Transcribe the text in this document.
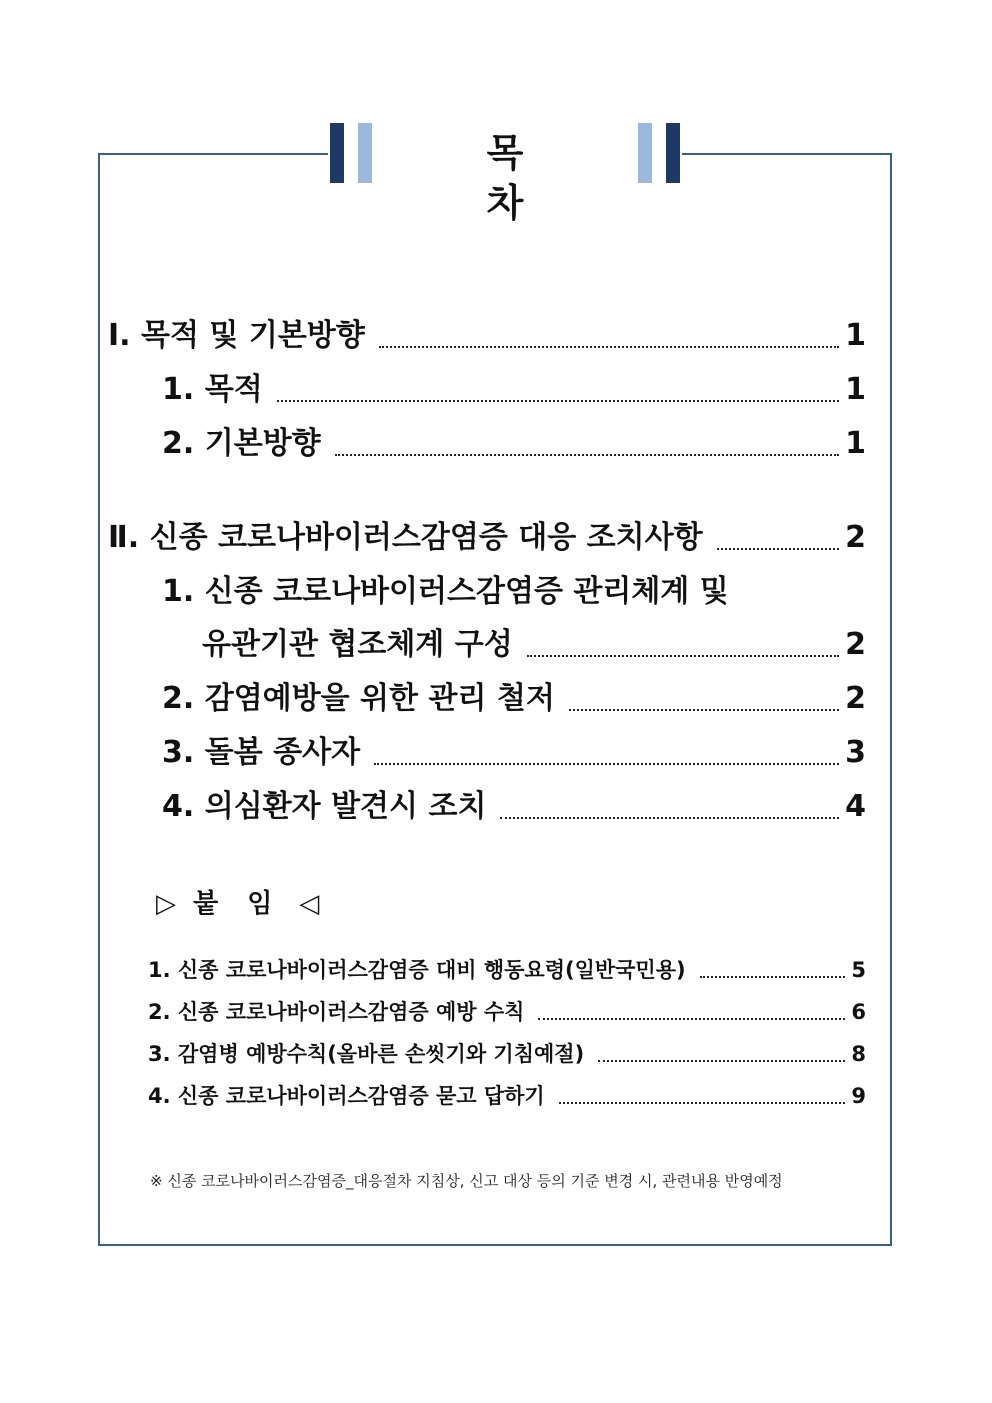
목 차
Ⅰ. 목적 및 기본방향	1
1. 목적	1
2. 기본방향	1
Ⅱ. 신종 코로나바이러스감염증 대응 조치사항	2
1. 신종 코로나바이러스감염증 관리체계 및
유관기관 협조체계 구성	2
2. 감염예방을 위한 관리 철저	2
3. 돌봄 종사자	3
4. 의심환자 발견시 조치	4
▷ 붙 임 ◁
1. 신종 코로나바이러스감염증 대비 행동요령(일반국민용)	5
2. 신종 코로나바이러스감염증 예방 수칙	6
3. 감염병 예방수칙(올바른 손씻기와 기침예절)	8
4. 신종 코로나바이러스감염증 묻고 답하기	9
※ 신종 코로나바이러스감염증_대응절차 지침상, 신고 대상 등의 기준 변경 시, 관련내용 반영예정
